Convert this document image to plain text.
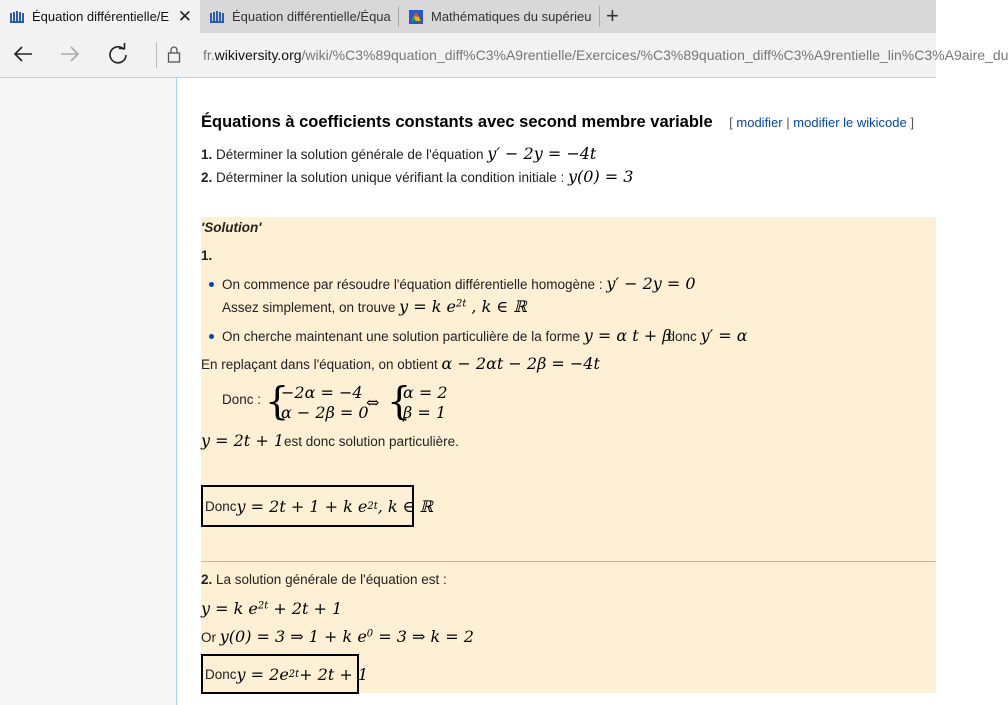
Équation différentielle/E ✕	Équation différentielle/Équa	Mathématiques du supérieu +
fr.wikiversity.org/wiki/%C3%89quation_diff%C3%A9rentielle/Exercices/%C3%89quation_diff%C3%A9rentielle_lin%C3%A9aire_du
Équations à coefficients constants avec second membre variable [ modifier | modifier le wikicode ]
1. Déterminer la solution générale de l'équation y′ − 2y = −4t
2. Déterminer la solution unique vérifiant la condition initiale : y(0) = 3
'Solution'
1.
On commence par résoudre l'équation différentielle homogène : y′ − 2y = 0
Assez simplement, on trouve y = k $e^{2t}$ , k ∈ ℝ
On cherche maintenant une solution particulière de la forme y = α t + β donc y′ = α
En replaçant dans l'équation, on obtient α − 2αt − 2β = −4t
Donc : {
−2α = −4
α − 2β = 0
⇔ {
α = 2
β = 1
y = 2t + 1est donc solution particulière.
Donc y = 2t + 1 + k e 2t , k ∈ ℝ
2. La solution générale de l'équation est :
y = k $e^{2t} + 2t + 1$
Or y(0) = 3 ⇒ 1 + k $e^0 = 3$ ⇒ k = 2
Donc y = 2e 2t + 2t + 1
